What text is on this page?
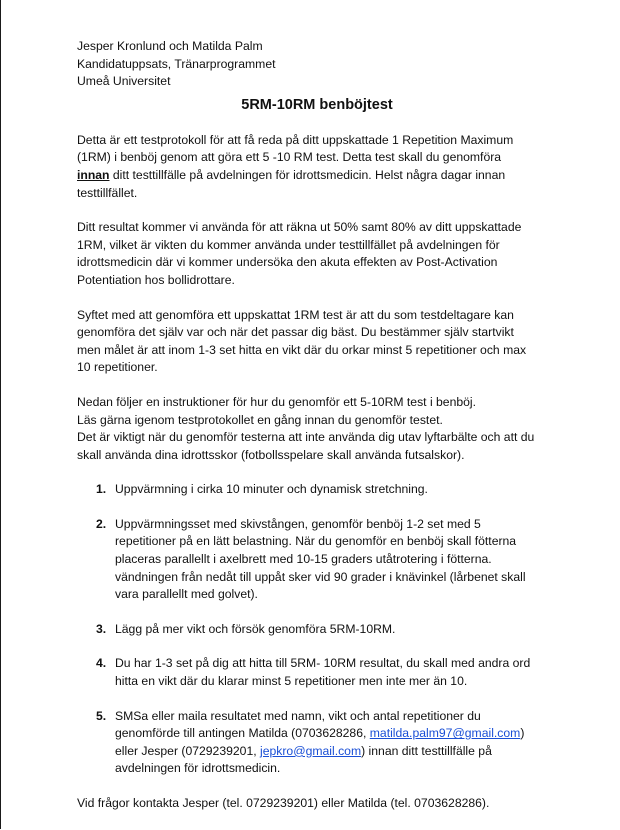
Jesper Kronlund och Matilda Palm
Kandidatuppsats, Tränarprogrammet
Umeå Universitet
5RM-10RM benböjtest
Detta är ett testprotokoll för att få reda på ditt uppskattade 1 Repetition Maximum
(1RM) i benböj genom att göra ett 5 -10 RM test. Detta test skall du genomföra
innan ditt testtillfälle på avdelningen för idrottsmedicin. Helst några dagar innan
testtillfället.
Ditt resultat kommer vi använda för att räkna ut 50% samt 80% av ditt uppskattade
1RM, vilket är vikten du kommer använda under testtillfället på avdelningen för
idrottsmedicin där vi kommer undersöka den akuta effekten av Post-Activation
Potentiation hos bollidrottare.
Syftet med att genomföra ett uppskattat 1RM test är att du som testdeltagare kan
genomföra det själv var och när det passar dig bäst. Du bestämmer själv startvikt
men målet är att inom 1-3 set hitta en vikt där du orkar minst 5 repetitioner och max
10 repetitioner.
Nedan följer en instruktioner för hur du genomför ett 5-10RM test i benböj.
Läs gärna igenom testprotokollet en gång innan du genomför testet.
Det är viktigt när du genomför testerna att inte använda dig utav lyftarbälte och att du
skall använda dina idrottsskor (fotbollsspelare skall använda futsalskor).
1. Uppvärmning i cirka 10 minuter och dynamisk stretchning.
2. Uppvärmningsset med skivstången, genomför benböj 1-2 set med 5
repetitioner på en lätt belastning. När du genomför en benböj skall fötterna
placeras parallellt i axelbrett med 10-15 graders utåtrotering i fötterna.
vändningen från nedåt till uppåt sker vid 90 grader i knävinkel (lårbenet skall
vara parallellt med golvet).
3. Lägg på mer vikt och försök genomföra 5RM-10RM.
4. Du har 1-3 set på dig att hitta till 5RM- 10RM resultat, du skall med andra ord
hitta en vikt där du klarar minst 5 repetitioner men inte mer än 10.
5. SMSa eller maila resultatet med namn, vikt och antal repetitioner du
genomförde till antingen Matilda (0703628286, matilda.palm97@gmail.com)
eller Jesper (0729239201, jepkro@gmail.com) innan ditt testtillfälle på
avdelningen för idrottsmedicin.
Vid frågor kontakta Jesper (tel. 0729239201) eller Matilda (tel. 0703628286).
